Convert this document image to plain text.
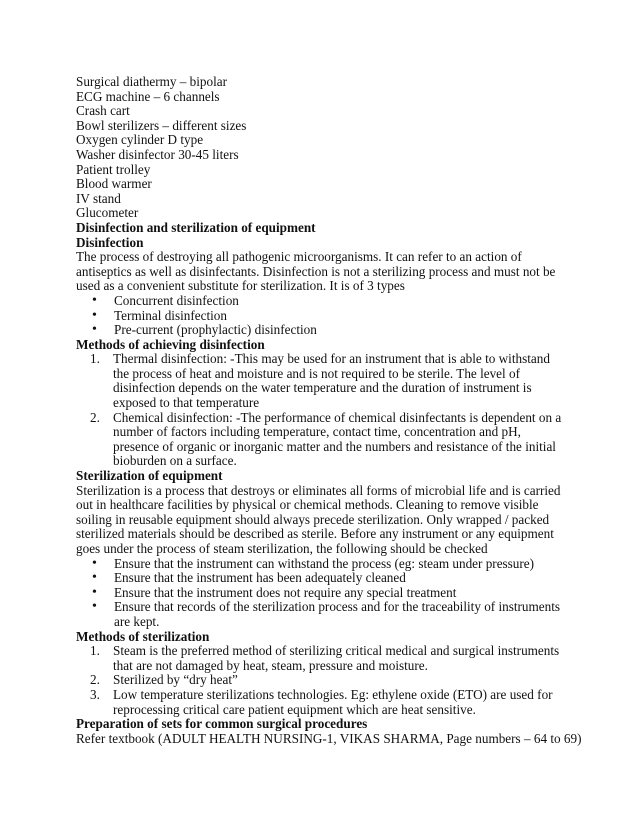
Surgical diathermy – bipolar
ECG machine – 6 channels
Crash cart
Bowl sterilizers – different sizes
Oxygen cylinder D type
Washer disinfector 30-45 liters
Patient trolley
Blood warmer
IV stand
Glucometer
Disinfection and sterilization of equipment
Disinfection

The process of destroying all pathogenic microorganisms. It can refer to an action of antiseptics as well as disinfectants. Disinfection is not a sterilizing process and must not be used as a convenient substitute for sterilization. It is of 3 types

• Concurrent disinfection
• Terminal disinfection
• Pre-current (prophylactic) disinfection
Methods of achieving disinfection
1. Thermal disinfection: -This may be used for an instrument that is able to withstand the process of heat and moisture and is not required to be sterile. The level of disinfection depends on the water temperature and the duration of instrument is exposed to that temperature
2. Chemical disinfection: -The performance of chemical disinfectants is dependent on a number of factors including temperature, contact time, concentration and pH, presence of organic or inorganic matter and the numbers and resistance of the initial bioburden on a surface.
Sterilization of equipment

Sterilization is a process that destroys or eliminates all forms of microbial life and is carried out in healthcare facilities by physical or chemical methods. Cleaning to remove visible soiling in reusable equipment should always precede sterilization. Only wrapped / packed sterilized materials should be described as sterile. Before any instrument or any equipment goes under the process of steam sterilization, the following should be checked

• Ensure that the instrument can withstand the process (eg: steam under pressure)
• Ensure that the instrument has been adequately cleaned
• Ensure that the instrument does not require any special treatment
• Ensure that records of the sterilization process and for the traceability of instruments are kept.
Methods of sterilization
1. Steam is the preferred method of sterilizing critical medical and surgical instruments that are not damaged by heat, steam, pressure and moisture.
2. Sterilized by “dry heat”
3. Low temperature sterilizations technologies. Eg: ethylene oxide (ETO) are used for reprocessing critical care patient equipment which are heat sensitive.
Preparation of sets for common surgical procedures
Refer textbook (ADULT HEALTH NURSING-1, VIKAS SHARMA, Page numbers – 64 to 69)
